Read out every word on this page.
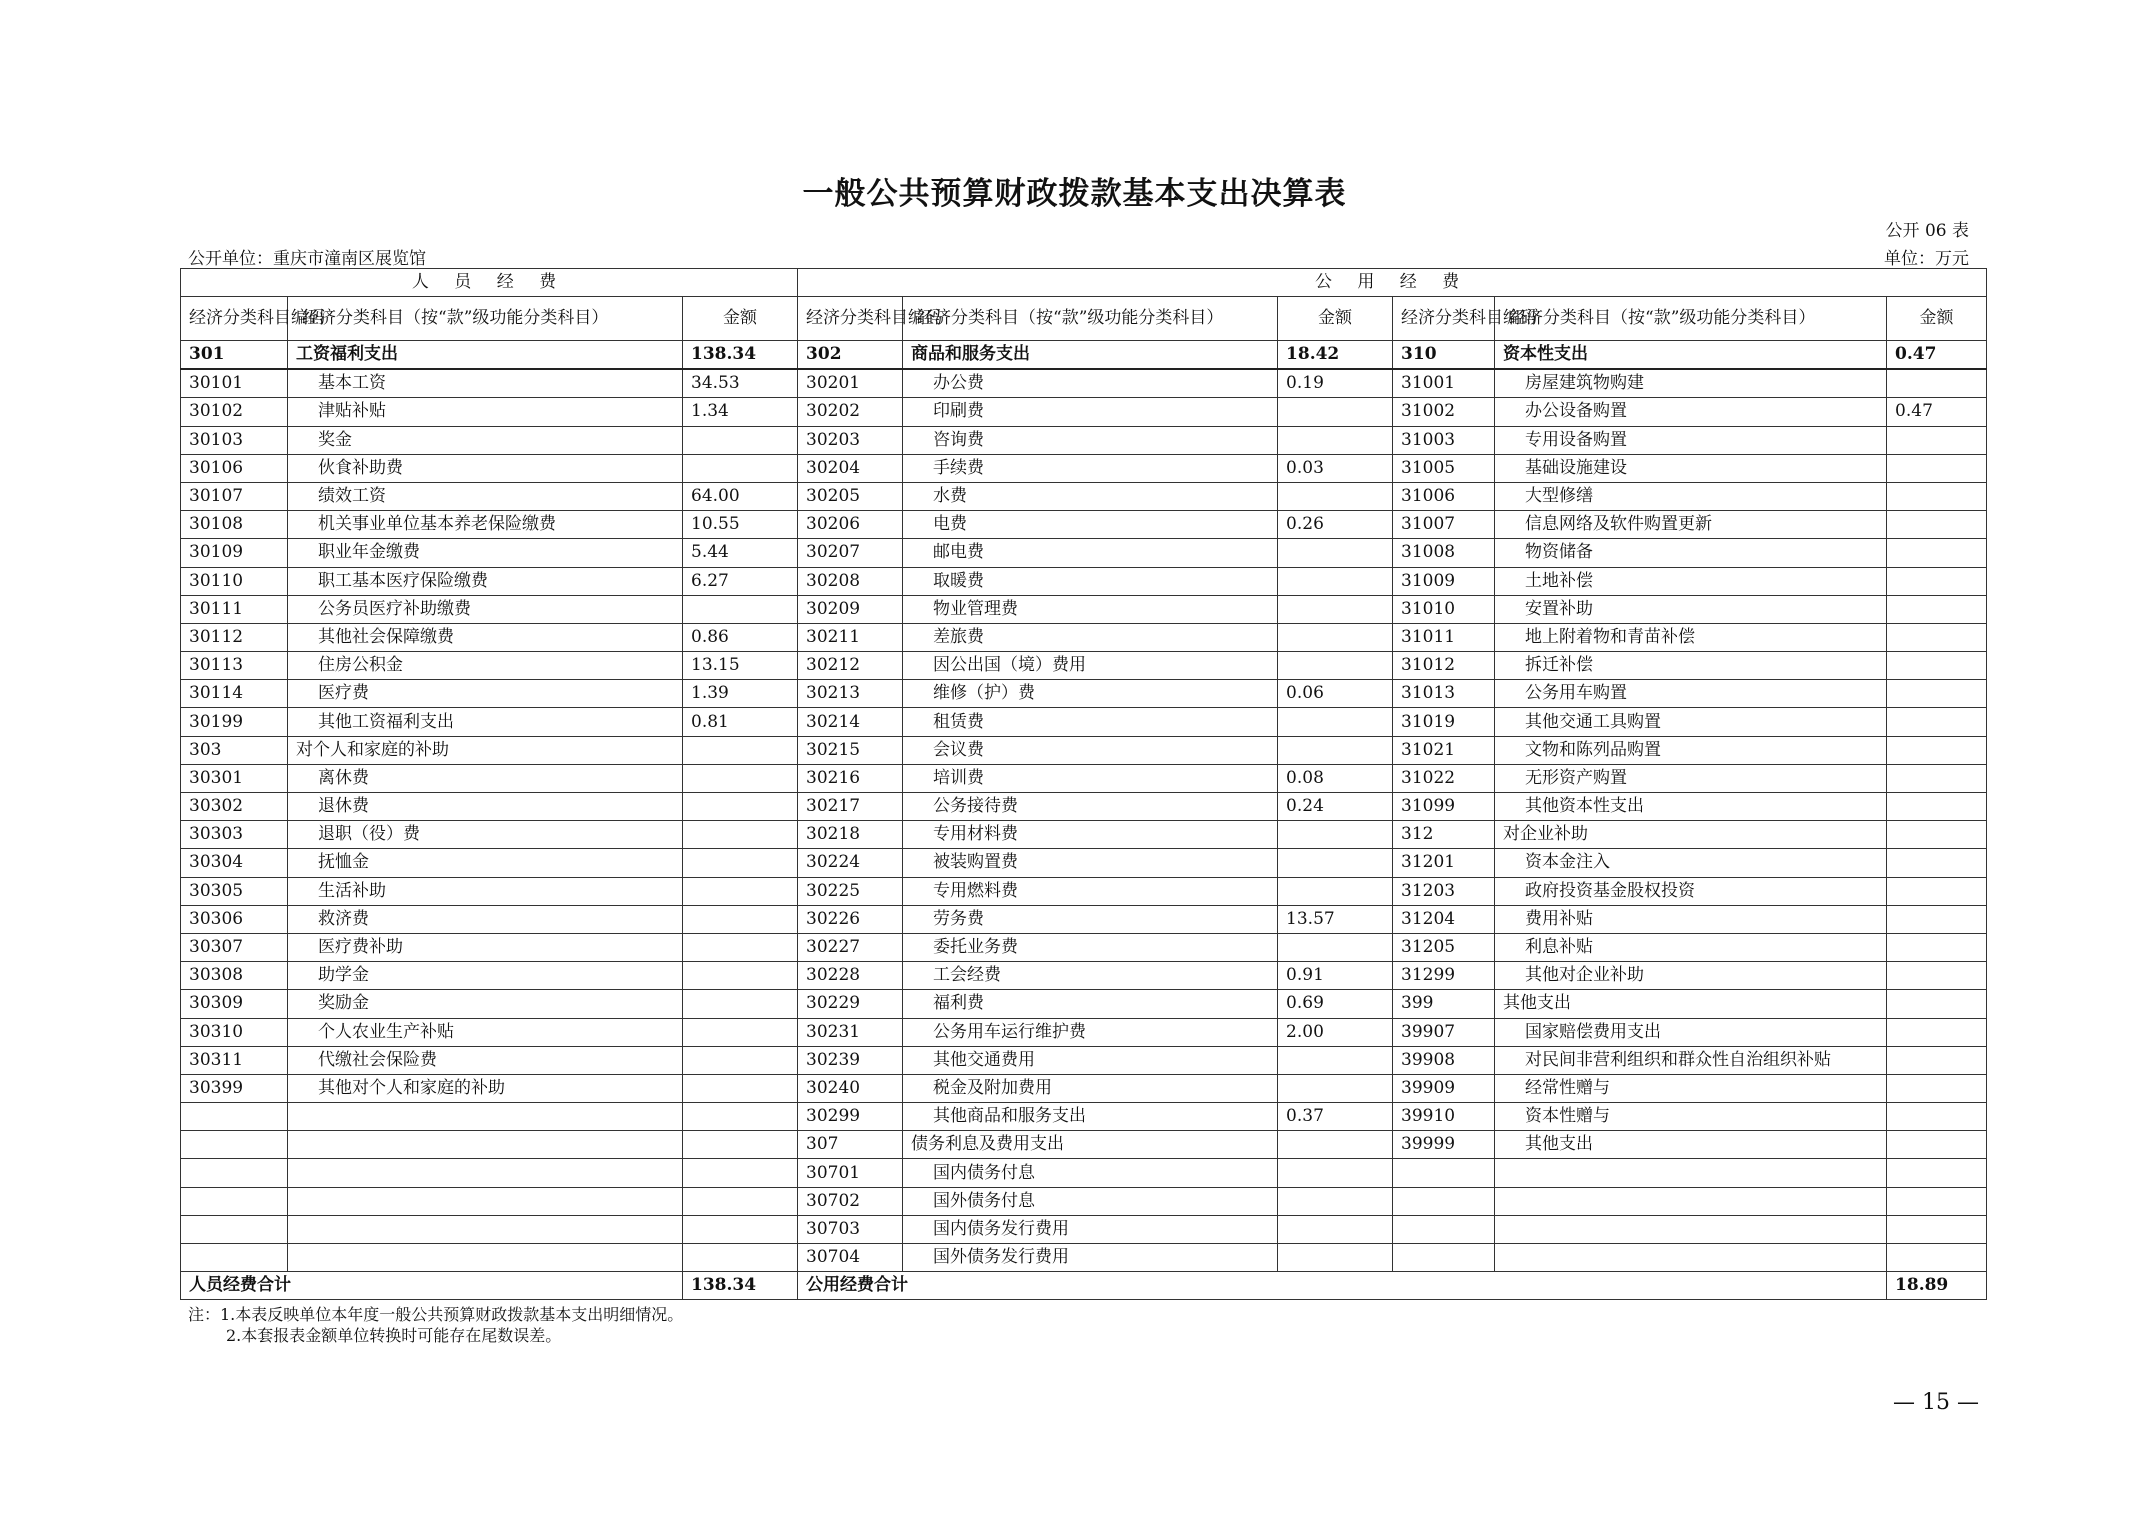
一般公共预算财政拨款基本支出决算表
公开 06 表
公开单位：重庆市潼南区展览馆	单位：万元
人 员 经 费			公 用 经 费					
经济分类科目编码	经济分类科目（按“款”级功能分类科目）	金额	经济分类科目编码	经济分类科目（按“款”级功能分类科目）	金额	经济分类科目编码	经济分类科目（按“款”级功能分类科目）	金额
301	工资福利支出	138.34	302	商品和服务支出	18.42	310	资本性支出	0.47
30101	基本工资	34.53	30201	办公费	0.19	31001	房屋建筑物购建	
30102	津贴补贴	1.34	30202	印刷费		31002	办公设备购置	0.47
30103	奖金		30203	咨询费		31003	专用设备购置	
30106	伙食补助费		30204	手续费	0.03	31005	基础设施建设	
30107	绩效工资	64.00	30205	水费		31006	大型修缮	
30108	机关事业单位基本养老保险缴费	10.55	30206	电费	0.26	31007	信息网络及软件购置更新	
30109	职业年金缴费	5.44	30207	邮电费		31008	物资储备	
30110	职工基本医疗保险缴费	6.27	30208	取暖费		31009	土地补偿	
30111	公务员医疗补助缴费		30209	物业管理费		31010	安置补助	
30112	其他社会保障缴费	0.86	30211	差旅费		31011	地上附着物和青苗补偿	
30113	住房公积金	13.15	30212	因公出国（境）费用		31012	拆迁补偿	
30114	医疗费	1.39	30213	维修（护）费	0.06	31013	公务用车购置	
30199	其他工资福利支出	0.81	30214	租赁费		31019	其他交通工具购置	
303	对个人和家庭的补助		30215	会议费		31021	文物和陈列品购置	
30301	离休费		30216	培训费	0.08	31022	无形资产购置	
30302	退休费		30217	公务接待费	0.24	31099	其他资本性支出	
30303	退职（役）费		30218	专用材料费		312	对企业补助	
30304	抚恤金		30224	被装购置费		31201	资本金注入	
30305	生活补助		30225	专用燃料费		31203	政府投资基金股权投资	
30306	救济费		30226	劳务费	13.57	31204	费用补贴	
30307	医疗费补助		30227	委托业务费		31205	利息补贴	
30308	助学金		30228	工会经费	0.91	31299	其他对企业补助	
30309	奖励金		30229	福利费	0.69	399	其他支出	
30310	个人农业生产补贴		30231	公务用车运行维护费	2.00	39907	国家赔偿费用支出	
30311	代缴社会保险费		30239	其他交通费用		39908	对民间非营利组织和群众性自治组织补贴	
30399	其他对个人和家庭的补助		30240	税金及附加费用		39909	经常性赠与	
			30299	其他商品和服务支出	0.37	39910	资本性赠与	
			307	债务利息及费用支出		39999	其他支出	
			30701	国内债务付息				
			30702	国外债务付息				
			30703	国内债务发行费用				
			30704	国外债务发行费用				
人员经费合计		138.34	公用经费合计					18.89
注：1.本表反映单位本年度一般公共预算财政拨款基本支出明细情况。
2.本套报表金额单位转换时可能存在尾数误差。
— 15 —
